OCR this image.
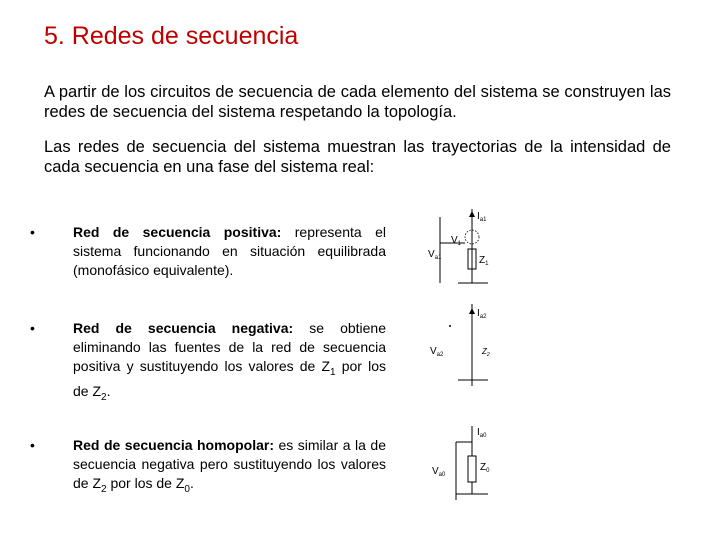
5. Redes de secuencia

A partir de los circuitos de secuencia de cada elemento del sistema se construyen las redes de secuencia del sistema respetando la topología.

Las redes de secuencia del sistema muestran las trayectorias de la intensidad de cada secuencia en una fase del sistema real:

•	Red de secuencia positiva: representa el sistema funcionando en situación equilibrada (monofásico equivalente).

•	Red de secuencia negativa: se obtiene eliminando las fuentes de la red de secuencia positiva y sustituyendo los valores de $Z_1$ por los de $Z_2$.

•	Red de secuencia homopolar: es similar a la de secuencia negativa pero sustituyendo los valores de $Z_2$ por los de $Z_0$.

$I_{a1}$
$V_{a1}$
$V_1$
$Z_1$
$I_{a2}$
$V_{a2}$	$Z_2$
$I_{a0}$
$V_{a0}$
$Z_0$
